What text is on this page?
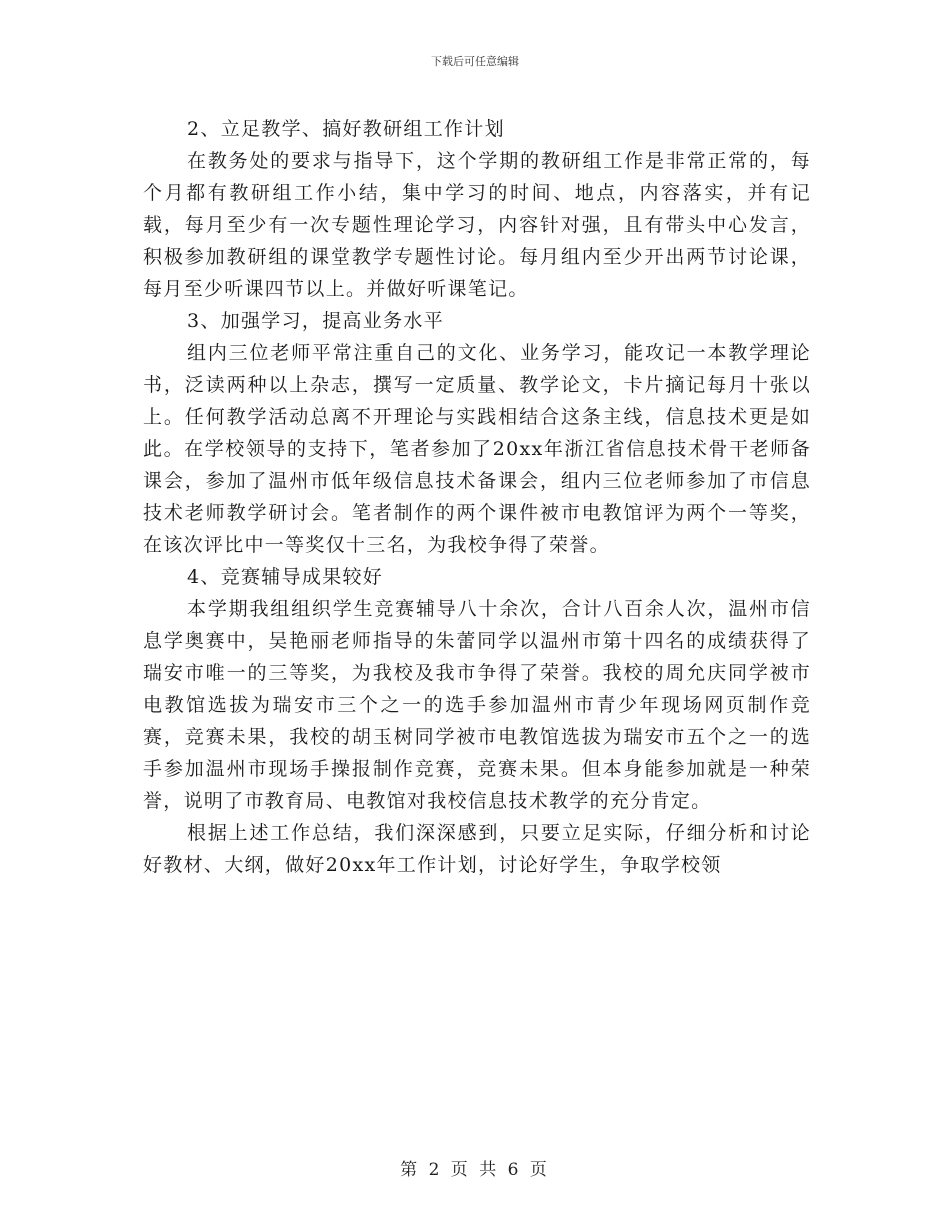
下载后可任意编辑

2、立足教学、搞好教研组工作计划

在教务处的要求与指导下，这个学期的教研组工作是非常正常的，每个月都有教研组工作小结，集中学习的时间、地点，内容落实，并有记载，每月至少有一次专题性理论学习，内容针对强，且有带头中心发言，积极参加教研组的课堂教学专题性讨论。每月组内至少开出两节讨论课，每月至少听课四节以上。并做好听课笔记。

3、加强学习，提高业务水平

组内三位老师平常注重自己的文化、业务学习，能攻记一本教学理论书，泛读两种以上杂志，撰写一定质量、教学论文，卡片摘记每月十张以上。任何教学活动总离不开理论与实践相结合这条主线，信息技术更是如此。在学校领导的支持下，笔者参加了20xx年浙江省信息技术骨干老师备课会，参加了温州市低年级信息技术备课会，组内三位老师参加了市信息技术老师教学研讨会。笔者制作的两个课件被市电教馆评为两个一等奖，在该次评比中一等奖仅十三名，为我校争得了荣誉。

4、竞赛辅导成果较好

本学期我组组织学生竞赛辅导八十余次，合计八百余人次，温州市信息学奥赛中，吴艳丽老师指导的朱蕾同学以温州市第十四名的成绩获得了瑞安市唯一的三等奖，为我校及我市争得了荣誉。我校的周允庆同学被市电教馆选拔为瑞安市三个之一的选手参加温州市青少年现场网页制作竞赛，竞赛未果，我校的胡玉树同学被市电教馆选拔为瑞安市五个之一的选手参加温州市现场手操报制作竞赛，竞赛未果。但本身能参加就是一种荣誉，说明了市教育局、电教馆对我校信息技术教学的充分肯定。

根据上述工作总结，我们深深感到，只要立足实际，仔细分析和讨论好教材、大纲，做好20xx年工作计划，讨论好学生，争取学校领

第 2 页 共 6 页
